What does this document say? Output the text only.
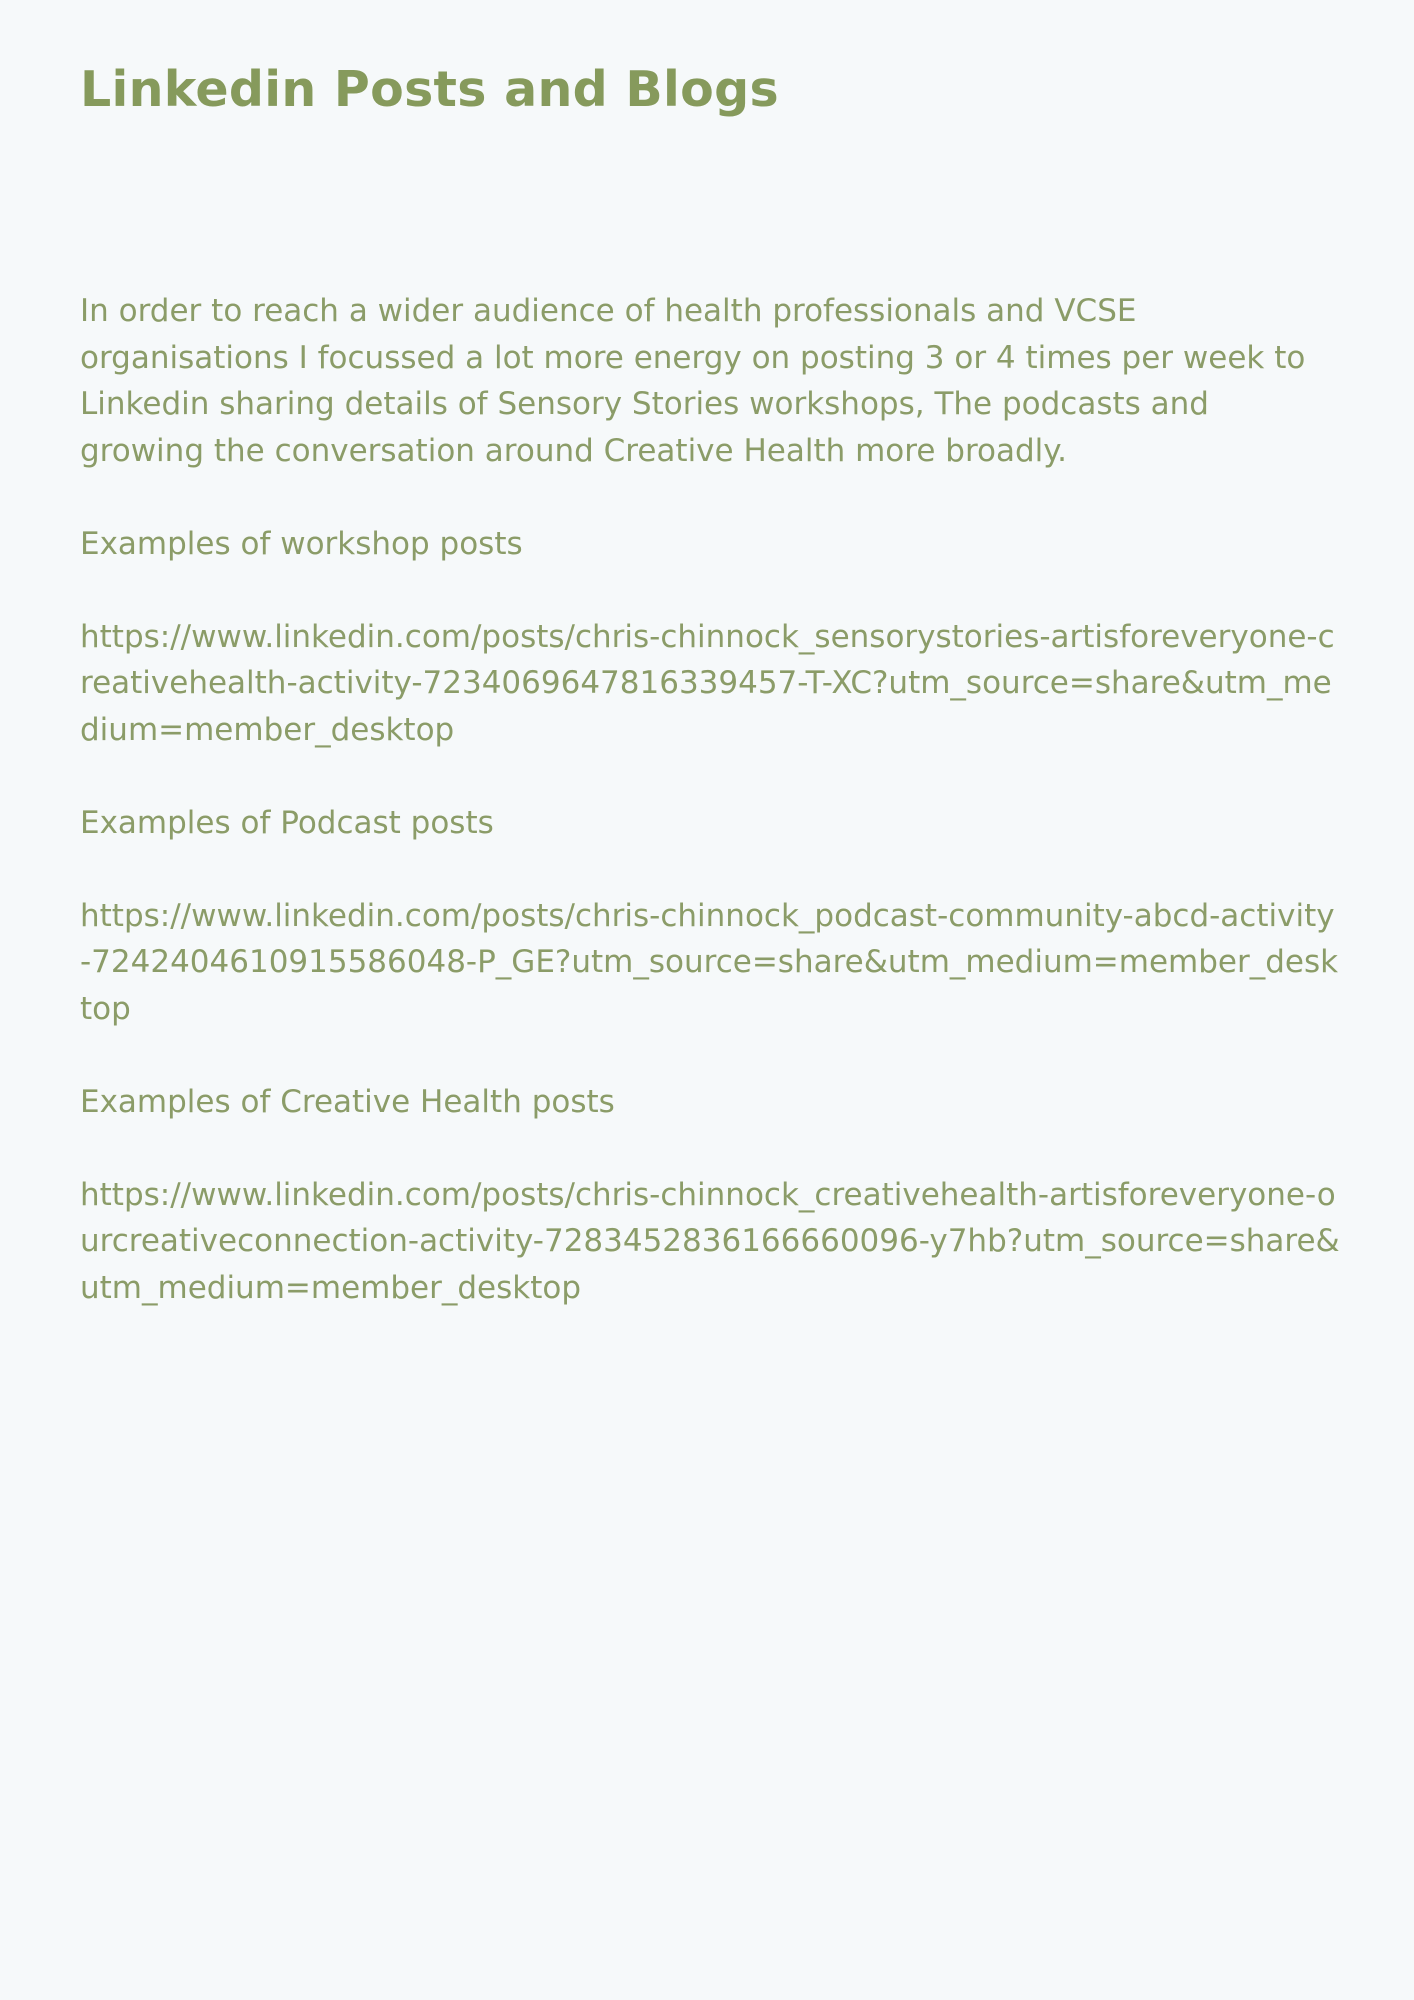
Linkedin Posts and Blogs

In order to reach a wider audience of health professionals and VCSE organisations I focussed a lot more energy on posting 3 or 4 times per week to Linkedin sharing details of Sensory Stories workshops, The podcasts and growing the conversation around Creative Health more broadly.

Examples of workshop posts

https://www.linkedin.com/posts/chris-chinnock_sensorystories-artisforeveryone-creativehealth-activity-7234069647816339457-T-XC?utm_source=share&utm_medium=member_desktop

Examples of Podcast posts

https://www.linkedin.com/posts/chris-chinnock_podcast-community-abcd-activity-7242404610915586048-P_GE?utm_source=share&utm_medium=member_desktop

Examples of Creative Health posts

https://www.linkedin.com/posts/chris-chinnock_creativehealth-artisforeveryone-ourcreativeconnection-activity-7283452836166660096-y7hb?utm_source=share&utm_medium=member_desktop
